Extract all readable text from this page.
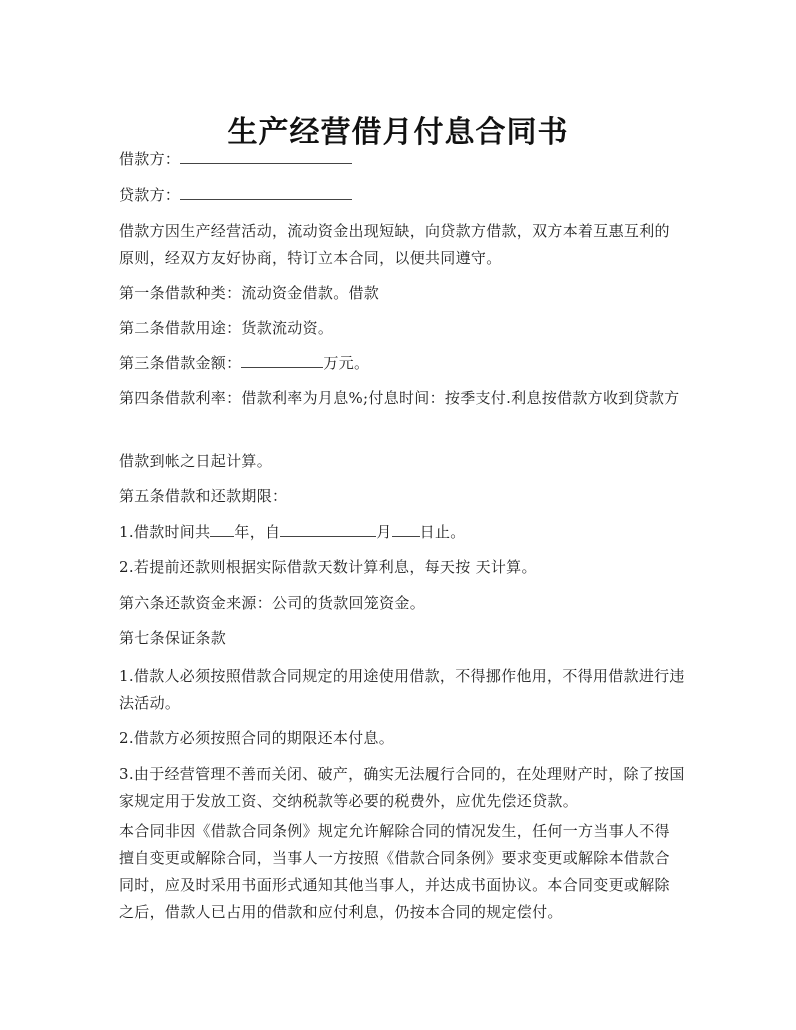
生产经营借月付息合同书

借款方：

贷款方：

借款方因生产经营活动，流动资金出现短缺，向贷款方借款，双方本着互惠互利的原则，经双方友好协商，特订立本合同，以便共同遵守。

第一条借款种类：流动资金借款。借款

第二条借款用途：货款流动资。

第三条借款金额：	万元。

第四条借款利率：借款利率为月息%;付息时间：按季支付.利息按借款方收到贷款方

借款到帐之日起计算。

第五条借款和还款期限：

1.借款时间共 年，自	月 日止。

2.若提前还款则根据实际借款天数计算利息，每天按 天计算。

第六条还款资金来源：公司的货款回笼资金。

第七条保证条款

1.借款人必须按照借款合同规定的用途使用借款，不得挪作他用，不得用借款进行违法活动。

2.借款方必须按照合同的期限还本付息。

3.由于经营管理不善而关闭、破产，确实无法履行合同的，在处理财产时，除了按国家规定用于发放工资、交纳税款等必要的税费外，应优先偿还贷款。

本合同非因《借款合同条例》规定允许解除合同的情况发生，任何一方当事人不得擅自变更或解除合同，当事人一方按照《借款合同条例》要求变更或解除本借款合同时，应及时采用书面形式通知其他当事人，并达成书面协议。本合同变更或解除之后，借款人已占用的借款和应付利息，仍按本合同的规定偿付。
